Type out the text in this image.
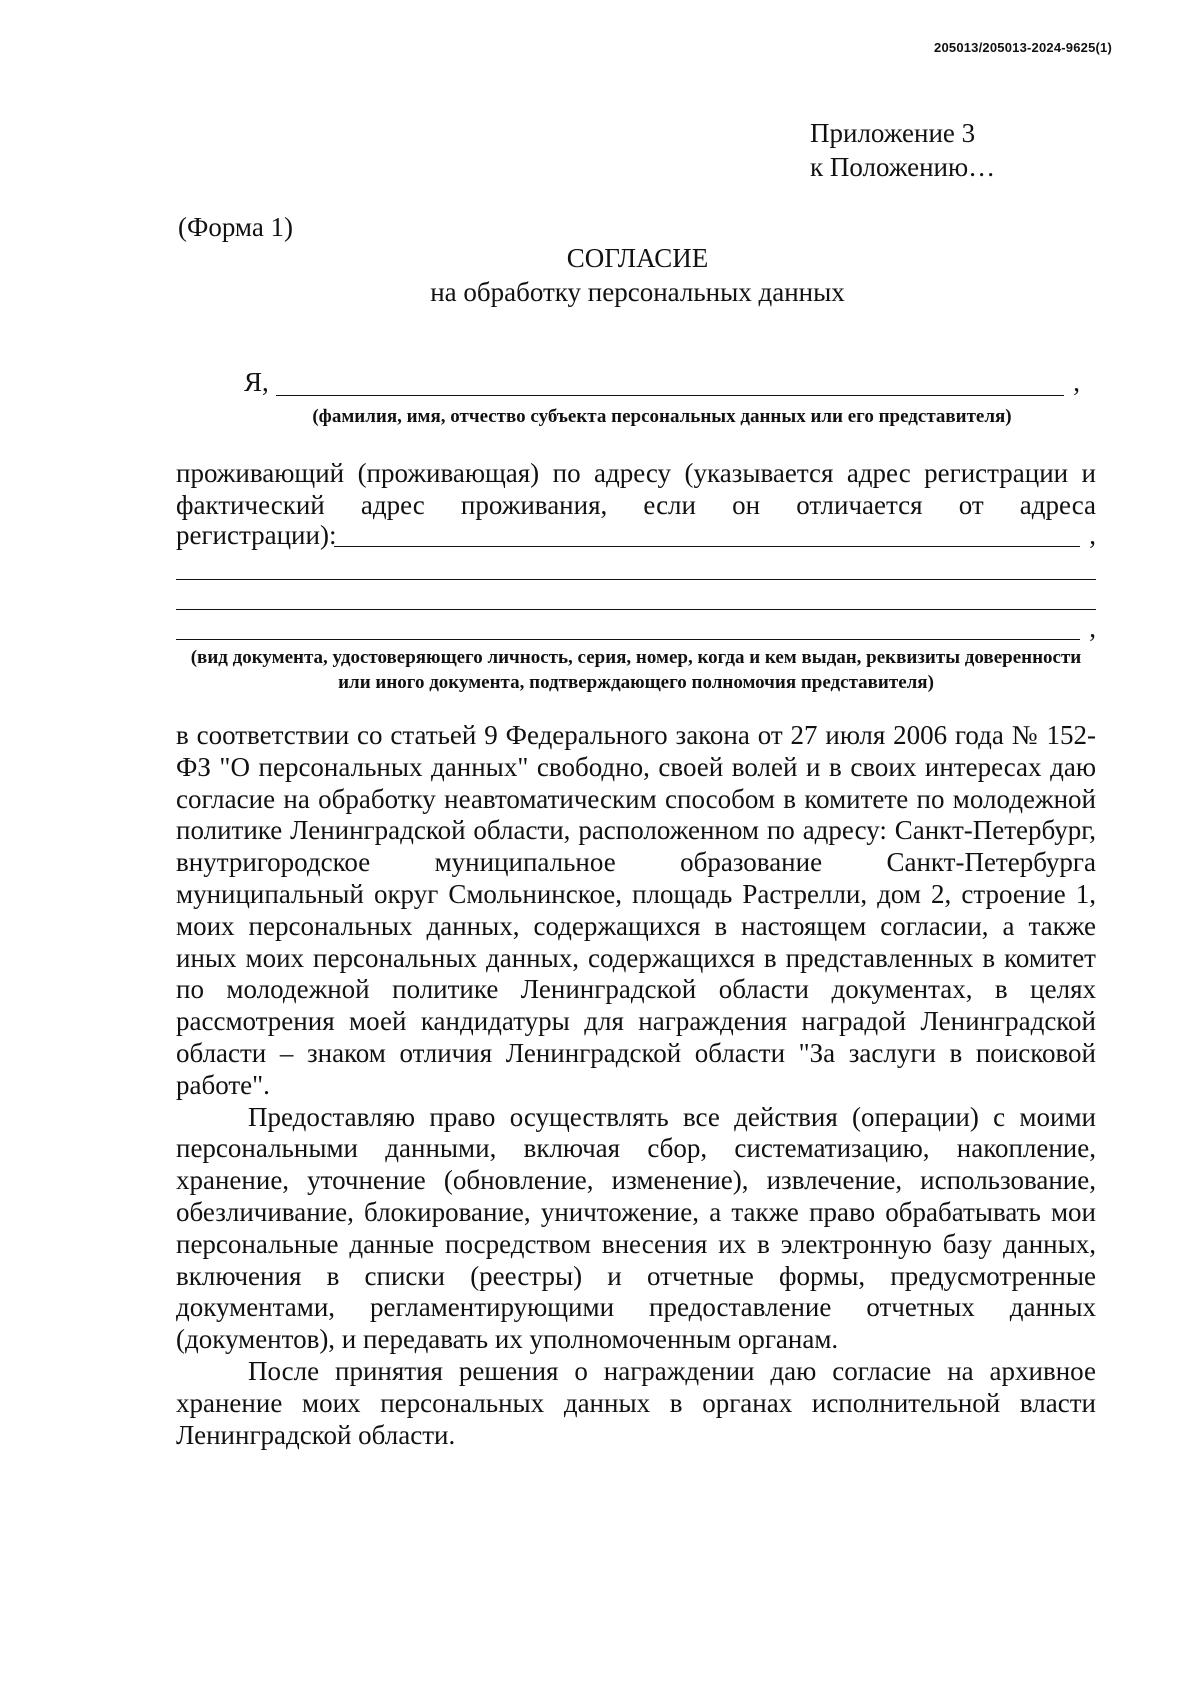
205013/205013-2024-9625(1)
Приложение 3
к Положению…
(Форма 1)
СОГЛАСИЕ
на обработку персональных данных
Я,	,
(фамилия, имя, отчество субъекта персональных данных или его представителя)
проживающий (проживающая) по адресу (указывается адрес регистрации и фактический адрес проживания, если он отличается от адреса
регистрации):	,
,
(вид документа, удостоверяющего личность, серия, номер, когда и кем выдан, реквизиты доверенности или иного документа, подтверждающего полномочия представителя)

в соответствии со статьей 9 Федерального закона от 27 июля 2006 года № 152-ФЗ "О персональных данных" свободно, своей волей и в своих интересах даю согласие на обработку неавтоматическим способом в комитете по молодежной политике Ленинградской области, расположенном по адресу: Санкт-Петербург, внутригородское муниципальное образование Санкт-Петербурга муниципальный округ Смольнинское, площадь Растрелли, дом 2, строение 1, моих персональных данных, содержащихся в настоящем согласии, а также иных моих персональных данных, содержащихся в представленных в комитет по молодежной политике Ленинградской области документах, в целях рассмотрения моей кандидатуры для награждения наградой Ленинградской области – знаком отличия Ленинградской области "За заслуги в поисковой работе".

Предоставляю право осуществлять все действия (операции) с моими персональными данными, включая сбор, систематизацию, накопление, хранение, уточнение (обновление, изменение), извлечение, использование, обезличивание, блокирование, уничтожение, а также право обрабатывать мои персональные данные посредством внесения их в электронную базу данных, включения в списки (реестры) и отчетные формы, предусмотренные документами, регламентирующими предоставление отчетных данных (документов), и передавать их уполномоченным органам.

После принятия решения о награждении даю согласие на архивное хранение моих персональных данных в органах исполнительной власти Ленинградской области.
